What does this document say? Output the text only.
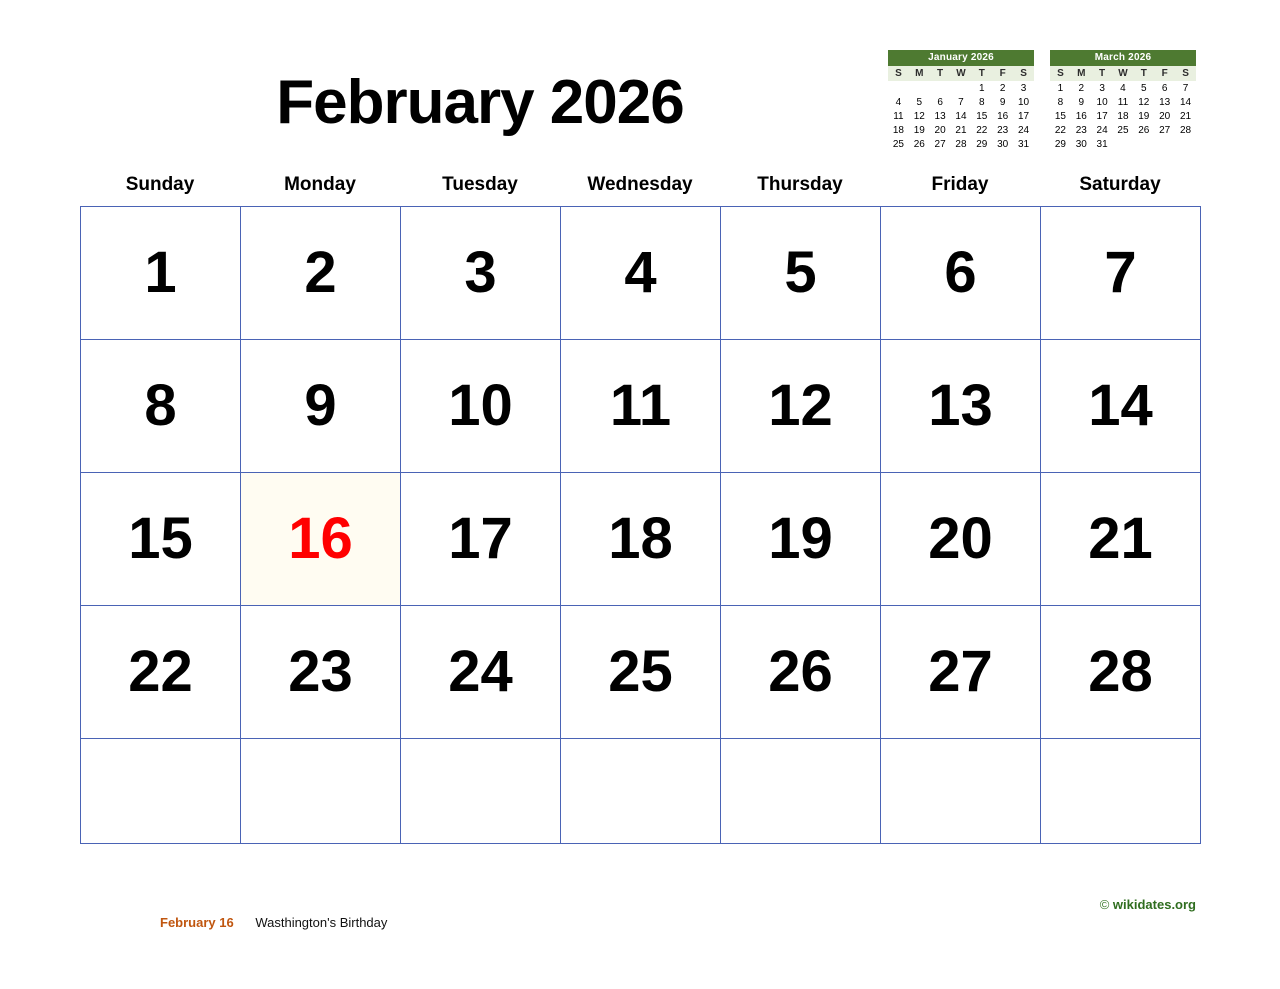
February 2026
January 2026
S	M	T	W	T	F	S
				1	2	3
4	5	6	7	8	9	10
11	12	13	14	15	16	17
18	19	20	21	22	23	24
25	26	27	28	29	30	31
March 2026
S	M	T	W	T	F	S
1	2	3	4	5	6	7
8	9	10	11	12	13	14
15	16	17	18	19	20	21
22	23	24	25	26	27	28
29	30	31				
Sunday	Monday	Tuesday	Wednesday	Thursday	Friday	Saturday
1 2 3 4 5 6 7
8 9 10 11 12 13 14
15 16 17 18 19 20 21
22 23 24 25 26 27 28
© wikidates.org
February 16 Wasthington's Birthday
